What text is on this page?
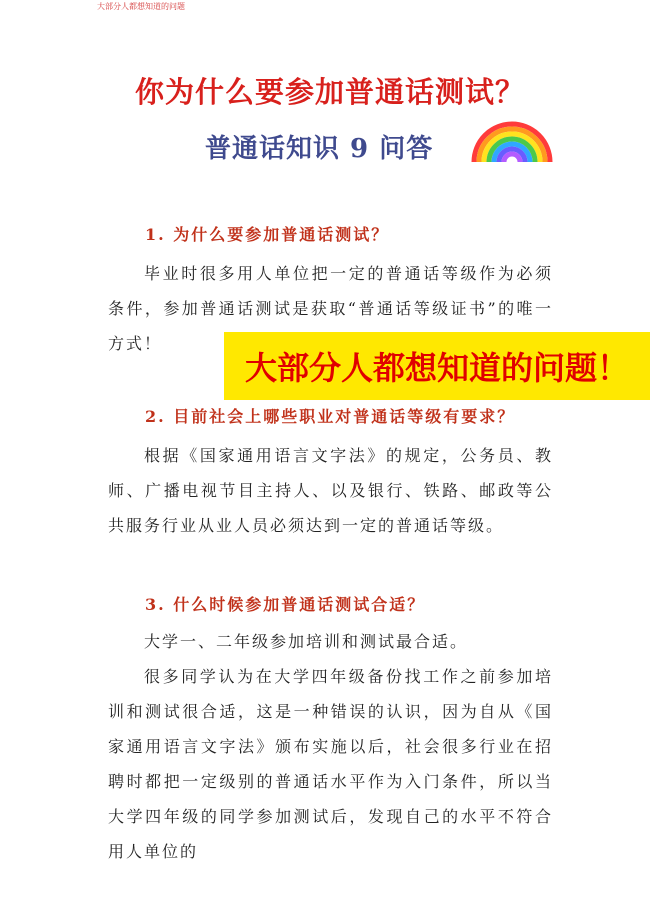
大部分人都想知道的问题
你为什么要参加普通话测试？
普通话知识 9 问答
1. 为什么要参加普通话测试？
毕业时很多用人单位把一定的普通话等级作为必须条件，参加普通话测试是获取“普通话等级证书”的唯一方式！
大部分人都想知道的问题！
2. 目前社会上哪些职业对普通话等级有要求？
根据《国家通用语言文字法》的规定，公务员、教师、广播电视节目主持人、以及银行、铁路、邮政等公共服务行业从业人员必须达到一定的普通话等级。
3. 什么时候参加普通话测试合适？
大学一、二年级参加培训和测试最合适。
很多同学认为在大学四年级备份找工作之前参加培训和测试很合适，这是一种错误的认识，因为自从《国家通用语言文字法》颁布实施以后，社会很多行业在招聘时都把一定级别的普通话水平作为入门条件，所以当大学四年级的同学参加测试后，发现自己的水平不符合用人单位的
